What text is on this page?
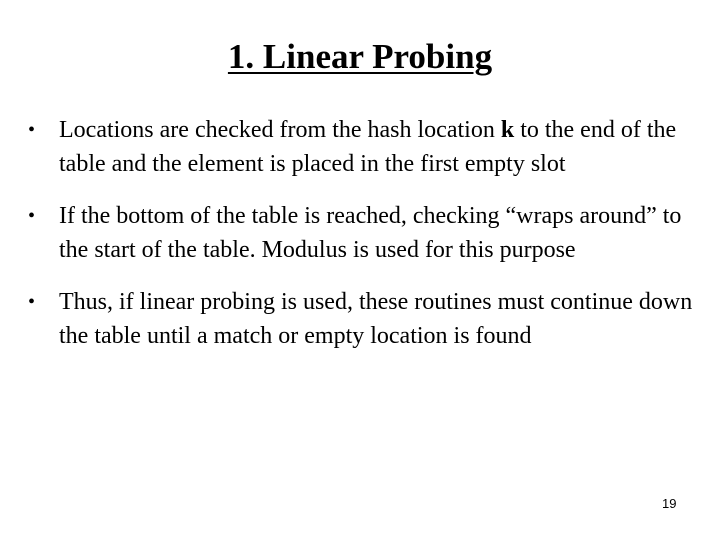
1. Linear Probing
• Locations are checked from the hash location k to the end of the table and the element is placed in the first empty slot
• If the bottom of the table is reached, checking “wraps around” to the start of the table. Modulus is used for this purpose
• Thus, if linear probing is used, these routines must continue down the table until a match or empty location is found
19
